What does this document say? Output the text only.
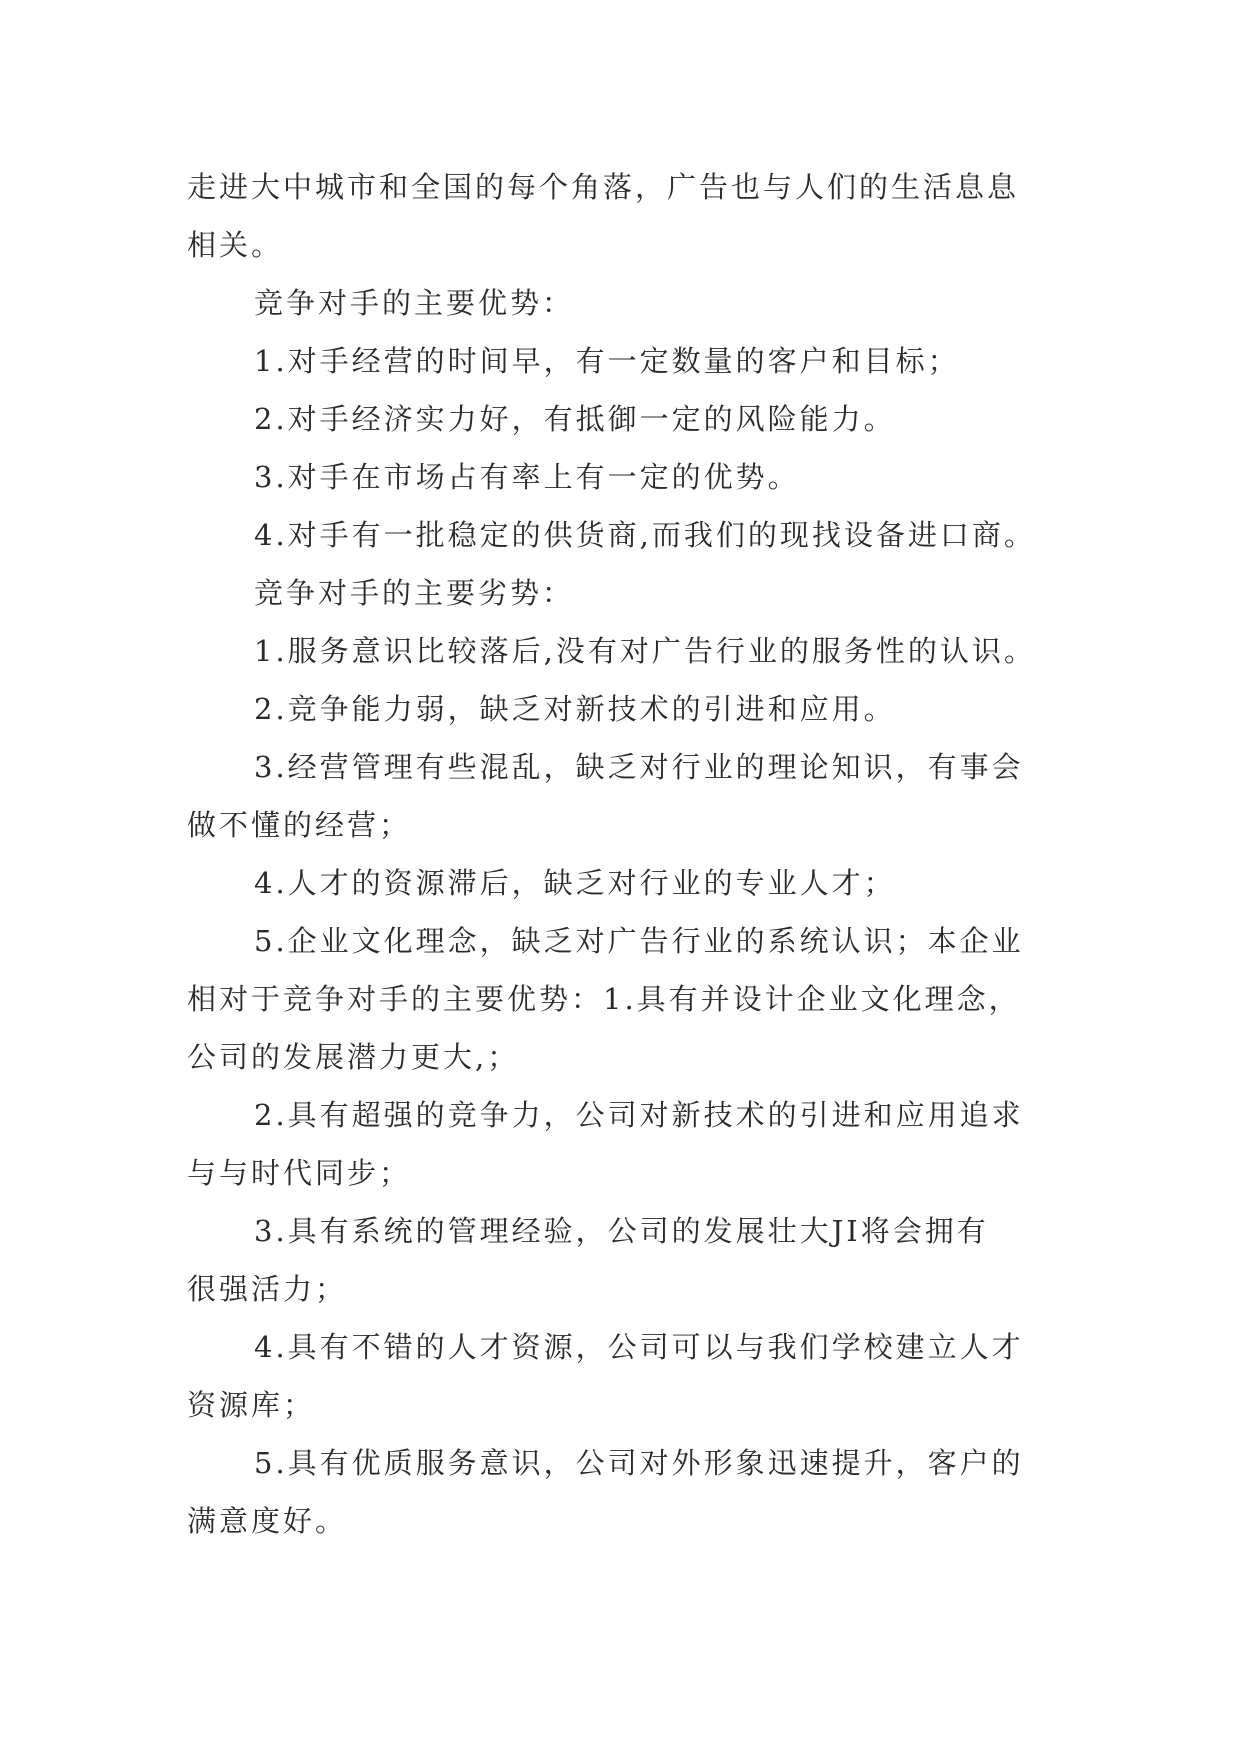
走进大中城市和全国的每个角落，广告也与人们的生活息息
相关。
竞争对手的主要优势：
1.对手经营的时间早，有一定数量的客户和目标；
2.对手经济实力好，有抵御一定的风险能力。
3.对手在市场占有率上有一定的优势。
4.对手有一批稳定的供货商,而我们的现找设备进口商。
竞争对手的主要劣势：
1.服务意识比较落后,没有对广告行业的服务性的认识。
2.竞争能力弱，缺乏对新技术的引进和应用。
3.经营管理有些混乱，缺乏对行业的理论知识，有事会
做不懂的经营；
4.人才的资源滞后，缺乏对行业的专业人才；
5.企业文化理念，缺乏对广告行业的系统认识；本企业
相对于竞争对手的主要优势：1.具有并设计企业文化理念，
公司的发展潜力更大,；
2.具有超强的竞争力，公司对新技术的引进和应用追求
与与时代同步；
3.具有系统的管理经验，公司的发展壮大JI将会拥有
很强活力；
4.具有不错的人才资源，公司可以与我们学校建立人才
资源库；
5.具有优质服务意识，公司对外形象迅速提升，客户的
满意度好。
